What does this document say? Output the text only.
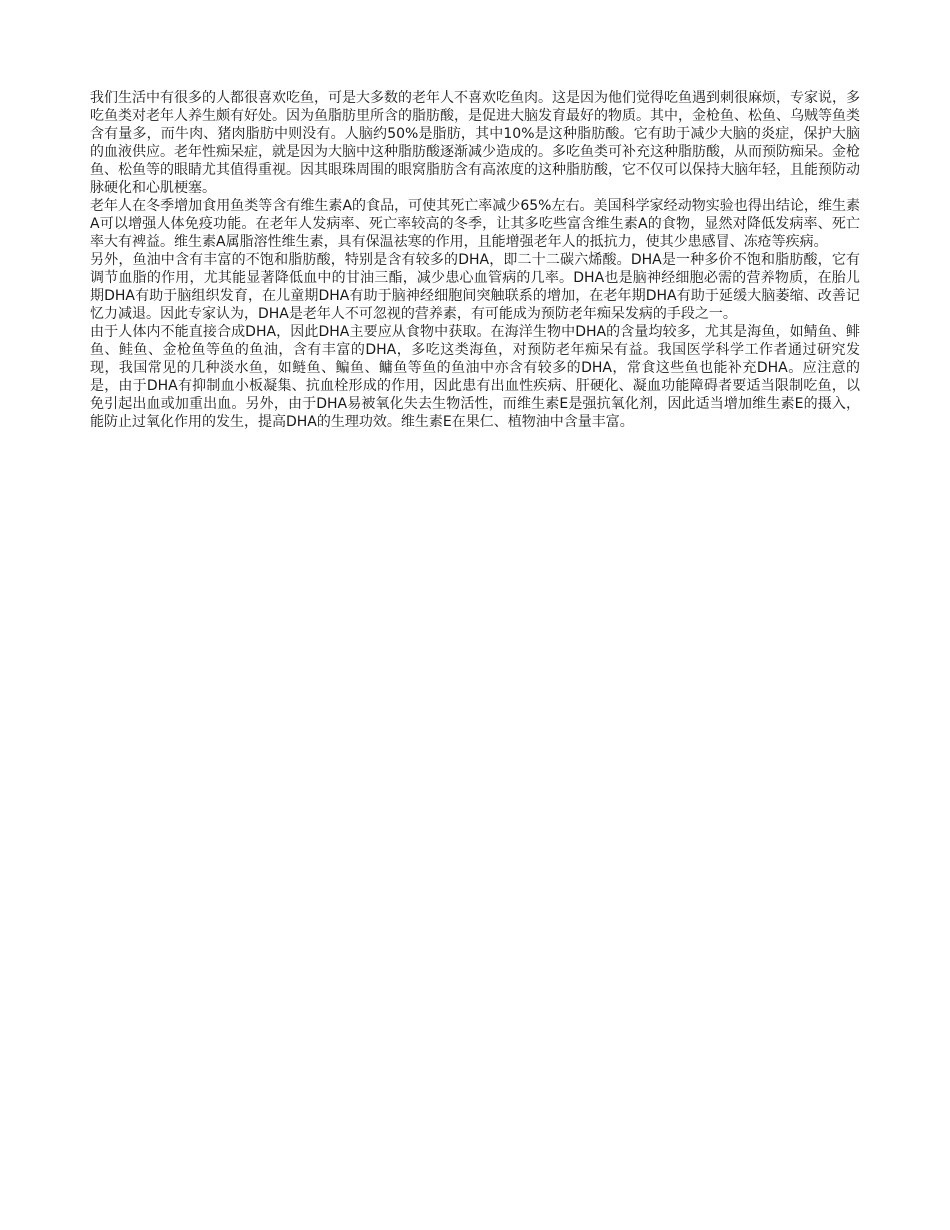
我们生活中有很多的人都很喜欢吃鱼，可是大多数的老年人不喜欢吃鱼肉。这是因为他们觉得吃鱼遇到刺很麻烦，专家说，多吃鱼类对老年人养生颇有好处。因为鱼脂肪里所含的脂肪酸，是促进大脑发育最好的物质。其中，金枪鱼、松鱼、乌贼等鱼类含有量多，而牛肉、猪肉脂肪中则没有。人脑约50%是脂肪，其中10%是这种脂肪酸。它有助于减少大脑的炎症，保护大脑的血液供应。老年性痴呆症，就是因为大脑中这种脂肪酸逐渐减少造成的。多吃鱼类可补充这种脂肪酸，从而预防痴呆。金枪鱼、松鱼等的眼睛尤其值得重视。因其眼珠周围的眼窝脂肪含有高浓度的这种脂肪酸，它不仅可以保持大脑年轻，且能预防动脉硬化和心肌梗塞。

老年人在冬季增加食用鱼类等含有维生素A的食品，可使其死亡率减少65%左右。美国科学家经动物实验也得出结论，维生素A可以增强人体免疫功能。在老年人发病率、死亡率较高的冬季，让其多吃些富含维生素A的食物，显然对降低发病率、死亡率大有裨益。维生素A属脂溶性维生素，具有保温祛寒的作用，且能增强老年人的抵抗力，使其少患感冒、冻疮等疾病。

另外，鱼油中含有丰富的不饱和脂肪酸，特别是含有较多的DHA，即二十二碳六烯酸。DHA是一种多价不饱和脂肪酸，它有调节血脂的作用，尤其能显著降低血中的甘油三酯，减少患心血管病的几率。DHA也是脑神经细胞必需的营养物质，在胎儿期DHA有助于脑组织发育，在儿童期DHA有助于脑神经细胞间突触联系的增加，在老年期DHA有助于延缓大脑萎缩、改善记忆力减退。因此专家认为，DHA是老年人不可忽视的营养素，有可能成为预防老年痴呆发病的手段之一。

由于人体内不能直接合成DHA，因此DHA主要应从食物中获取。在海洋生物中DHA的含量均较多，尤其是海鱼，如鲭鱼、鲱鱼、鲑鱼、金枪鱼等鱼的鱼油，含有丰富的DHA，多吃这类海鱼，对预防老年痴呆有益。我国医学科学工作者通过研究发现，我国常见的几种淡水鱼，如鲢鱼、鳊鱼、鳙鱼等鱼的鱼油中亦含有较多的DHA，常食这些鱼也能补充DHA。应注意的是，由于DHA有抑制血小板凝集、抗血栓形成的作用，因此患有出血性疾病、肝硬化、凝血功能障碍者要适当限制吃鱼，以免引起出血或加重出血。另外，由于DHA易被氧化失去生物活性，而维生素E是强抗氧化剂，因此适当增加维生素E的摄入，能防止过氧化作用的发生，提高DHA的生理功效。维生素E在果仁、植物油中含量丰富。
